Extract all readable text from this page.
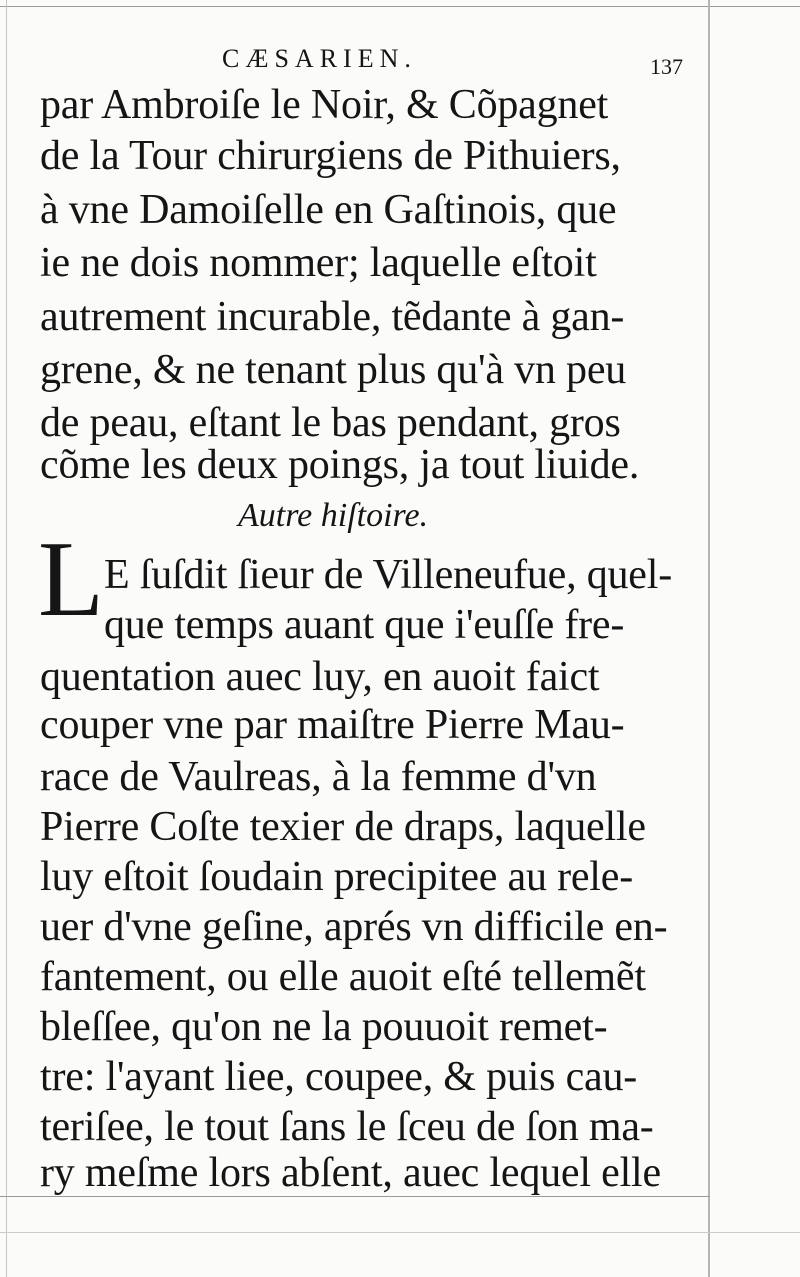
CÆSARIEN.	137
par Ambroiſe le Noir, & Cõpagnet
de la Tour chirurgiens de Pithuiers,
à vne Damoiſelle en Gaſtinois, que
ie ne dois nommer; laquelle eſtoit
autrement incurable, tẽdante à gan-
grene, & ne tenant plus qu'à vn peu
de peau, eſtant le bas pendant, gros
cõme les deux poings, ja tout liuide.
Autre hiſtoire.
L E ſuſdit ſieur de Villeneufue, quel-
que temps auant que i'euſſe fre-
quentation auec luy, en auoit faict
couper vne par maiſtre Pierre Mau-
race de Vaulreas, à la femme d'vn
Pierre Coſte texier de draps, laquelle
luy eſtoit ſoudain precipitee au rele-
uer d'vne geſine, aprés vn difficile en-
fantement, ou elle auoit eſté tellemẽt
bleſſee, qu'on ne la pouuoit remet-
tre: l'ayant liee, coupee, & puis cau-
teriſee, le tout ſans le ſceu de ſon ma-
ry meſme lors abſent, auec lequel elle
